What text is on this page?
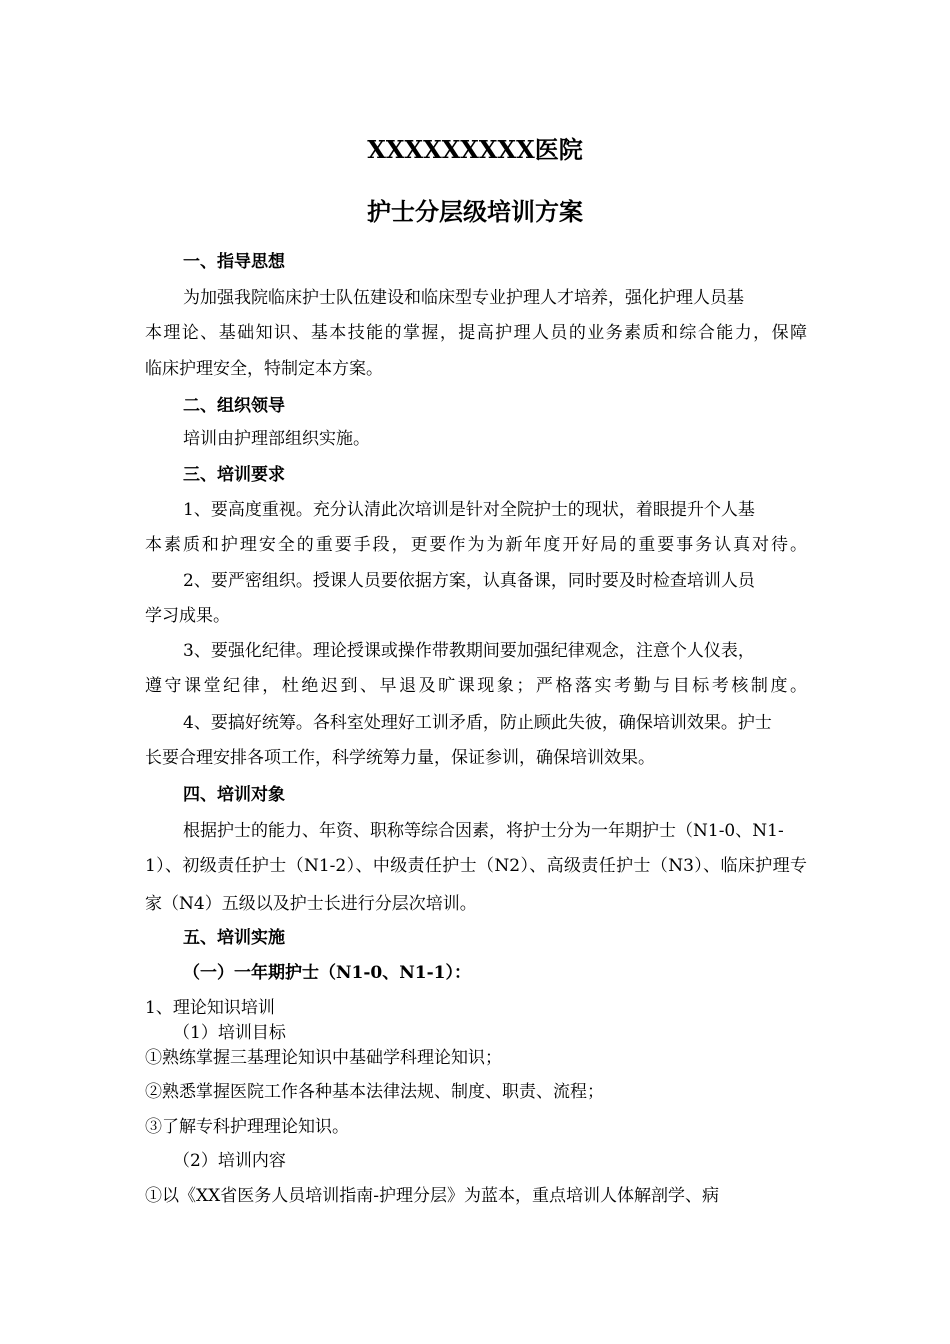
XXXXXXXXX医院
护士分层级培训方案
一、指导思想
为加强我院临床护士队伍建设和临床型专业护理人才培养，强化护理人员基
本理论、基础知识、基本技能的掌握，提高护理人员的业务素质和综合能力，保障
临床护理安全，特制定本方案。
二、组织领导
培训由护理部组织实施。
三、培训要求
1、要高度重视。充分认清此次培训是针对全院护士的现状，着眼提升个人基
本素质和护理安全的重要手段，更要作为为新年度开好局的重要事务认真对待。
2、要严密组织。授课人员要依据方案，认真备课，同时要及时检查培训人员
学习成果。
3、要强化纪律。理论授课或操作带教期间要加强纪律观念，注意个人仪表，
遵守课堂纪律，杜绝迟到、早退及旷课现象；严格落实考勤与目标考核制度。
4、要搞好统筹。各科室处理好工训矛盾，防止顾此失彼，确保培训效果。护士
长要合理安排各项工作，科学统筹力量，保证参训，确保培训效果。
四、培训对象
根据护士的能力、年资、职称等综合因素，将护士分为一年期护士（N1-0、N1-
1）、初级责任护士（N1-2）、中级责任护士（N2）、高级责任护士（N3）、临床护理专
家（N4）五级以及护士长进行分层次培训。
五、培训实施
（一）一年期护士（N1-0、N1-1）：
1、理论知识培训
（1）培训目标
①熟练掌握三基理论知识中基础学科理论知识；
②熟悉掌握医院工作各种基本法律法规、制度、职责、流程；
③了解专科护理理论知识。
（2）培训内容
①以《XX省医务人员培训指南-护理分层》为蓝本，重点培训人体解剖学、病
